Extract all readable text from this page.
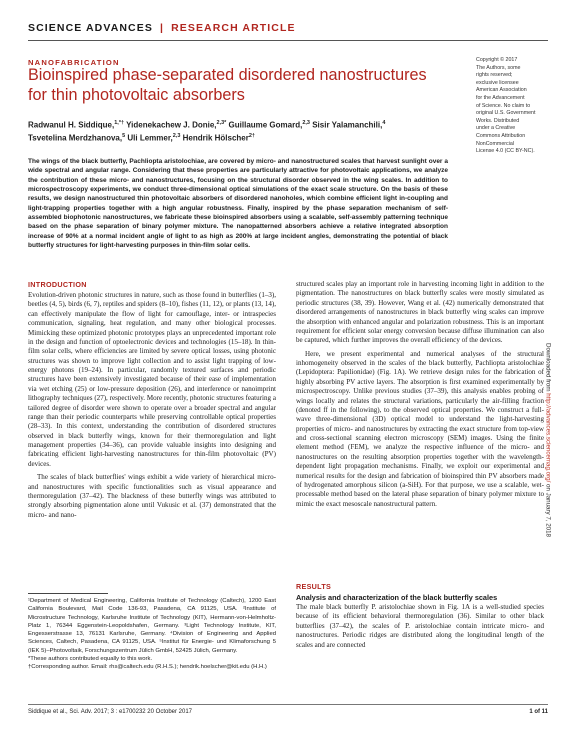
SCIENCE ADVANCES | RESEARCH ARTICLE
NANOFABRICATION
Bioinspired phase-separated disordered nanostructures for thin photovoltaic absorbers
Radwanul H. Siddique,$^{1,*\dagger}$ Yidenekachew J. Donie,$^{2,3*}$ Guillaume Gomard,$^{2,3}$ Sisir Yalamanchili,$^4$
Tsvetelina Merdzhanova,$^5$ Uli Lemmer,$^{2,3}$ Hendrik Hölscher$^{2\dagger}$
Copyright © 2017
The Authors, some
rights reserved;
exclusive licensee
American Association
for the Advancement
of Science. No claim to
original U.S. Government
Works. Distributed
under a Creative
Commons Attribution
NonCommercial
License 4.0 (CC BY-NC).
The wings of the black butterfly, Pachliopta aristolochiae, are covered by micro- and nanostructured scales that harvest sunlight over a wide spectral and angular range. Considering that these properties are particularly attractive for photovoltaic applications, we analyze the contribution of these micro- and nanostructures, focusing on the structural disorder observed in the wing scales. In addition to microspectroscopy experiments, we conduct three-dimensional optical simulations of the exact scale structure. On the basis of these results, we design nanostructured thin photovoltaic absorbers of disordered nanoholes, which combine efficient light in-coupling and light-trapping properties together with a high angular robustness. Finally, inspired by the phase separation mechanism of self-assembled biophotonic nanostructures, we fabricate these bioinspired absorbers using a scalable, self-assembly patterning technique based on the phase separation of binary polymer mixture. The nanopatterned absorbers achieve a relative integrated absorption increase of 90% at a normal incident angle of light to as high as 200% at large incident angles, demonstrating the potential of black butterfly structures for light-harvesting purposes in thin-film solar cells.
Downloaded from http://advances.sciencemag.org/ on January 7, 2018
INTRODUCTION

Evolution-driven photonic structures in nature, such as those found in butterflies (1–3), beetles (4, 5), birds (6, 7), reptiles and spiders (8–10), fishes (11, 12), or plants (13, 14), can effectively manipulate the flow of light for camouflage, inter- or intraspecies communication, signaling, heat regulation, and many other biological processes. Mimicking these optimized photonic prototypes plays an unprecedented important role in the design and function of optoelectronic devices and technologies (15–18). In thin-film solar cells, where efficiencies are limited by severe optical losses, using photonic structures was shown to improve light collection and to assist light trapping of low-energy photons (19–24). In particular, randomly textured surfaces and periodic structures have been extensively investigated because of their ease of implementation via wet etching (25) or low-pressure deposition (26), and interference or nanoimprint lithography techniques (27), respectively. More recently, photonic structures featuring a tailored degree of disorder were shown to operate over a broader spectral and angular range than their periodic counterparts while preserving controllable optical properties (28–33). In this context, understanding the contribution of disordered structures observed in black butterfly wings, known for their thermoregulation and light management properties (34–36), can provide valuable insights into designing and fabricating efficient light-harvesting nanostructures for thin-film photovoltaic (PV) devices.

The scales of black butterflies' wings exhibit a wide variety of hierarchical micro- and nanostructures with specific functionalities such as visual appearance and thermoregulation (37–42). The blackness of these butterfly wings was attributed to strongly absorbing pigmentation alone until Vukusic et al. (37) demonstrated that the micro- and nano-

structured scales play an important role in harvesting incoming light in addition to the pigmentation. The nanostructures on black butterfly scales were mostly simulated as periodic structures (38, 39). However, Wang et al. (42) numerically demonstrated that disordered arrangements of nanostructures in black butterfly wing scales can improve the absorption with enhanced angular and polarization robustness. This is an important requirement for efficient solar energy conversion because diffuse illumination can also be captured, which further improves the overall efficiency of the devices.

Here, we present experimental and numerical analyses of the structural inhomogeneity observed in the scales of the black butterfly, Pachliopta aristolochiae (Lepidoptera: Papilionidae) (Fig. 1A). We retrieve design rules for the fabrication of highly absorbing PV active layers. The absorption is first examined experimentally by microspectroscopy. Unlike previous studies (37–39), this analysis enables probing of wings locally and relates the structural variations, particularly the air-filling fraction (denoted ff in the following), to the observed optical properties. We construct a full-wave three-dimensional (3D) optical model to understand the light-harvesting properties of micro- and nanostructures by extracting the exact structure from top-view and cross-sectional scanning electron microscopy (SEM) images. Using the finite element method (FEM), we analyze the respective influence of the micro- and nanostructures on the resulting absorption properties together with the wavelength-dependent light propagation mechanisms. Finally, we exploit our experimental and numerical results for the design and fabrication of bioinspired thin PV absorbers made of hydrogenated amorphous silicon (a-SiH). For that purpose, we use a scalable, wet-processable method based on the lateral phase separation of binary polymer mixture to mimic the exact mesoscale nanostructural pattern.

¹Department of Medical Engineering, California Institute of Technology (Caltech), 1200 East California Boulevard, Mail Code 136-93, Pasadena, CA 91125, USA. ²Institute of Microstructure Technology, Karlsruhe Institute of Technology (KIT), Hermann-von-Helmholtz-Platz 1, 76344 Eggenstein-Leopoldshafen, Germany. ³Light Technology Institute, KIT, Engesserstrasse 13, 76131 Karlsruhe, Germany. ⁴Division of Engineering and Applied Sciences, Caltech, Pasadena, CA 91125, USA. ⁵Institut für Energie- und Klimaforschung 5 (IEK 5)–Photovoltaik, Forschungszentrum Jülich GmbH, 52425 Jülich, Germany.

*These authors contributed equally to this work.

†Corresponding author. Email: rhs@caltech.edu (R.H.S.); hendrik.hoelscher@kit.edu (H.H.)

RESULTS
Analysis and characterization of the black butterfly scales

The male black butterfly P. aristolochiae shown in Fig. 1A is a well-studied species because of its efficient behavioral thermoregulation (36). Similar to other black butterflies (37–42), the scales of P. aristolochiae contain intricate micro- and nanostructures. Periodic ridges are distributed along the longitudinal length of the scales and are connected

Siddique et al., Sci. Adv. 2017; 3 : e1700232 20 October 2017	1 of 11
